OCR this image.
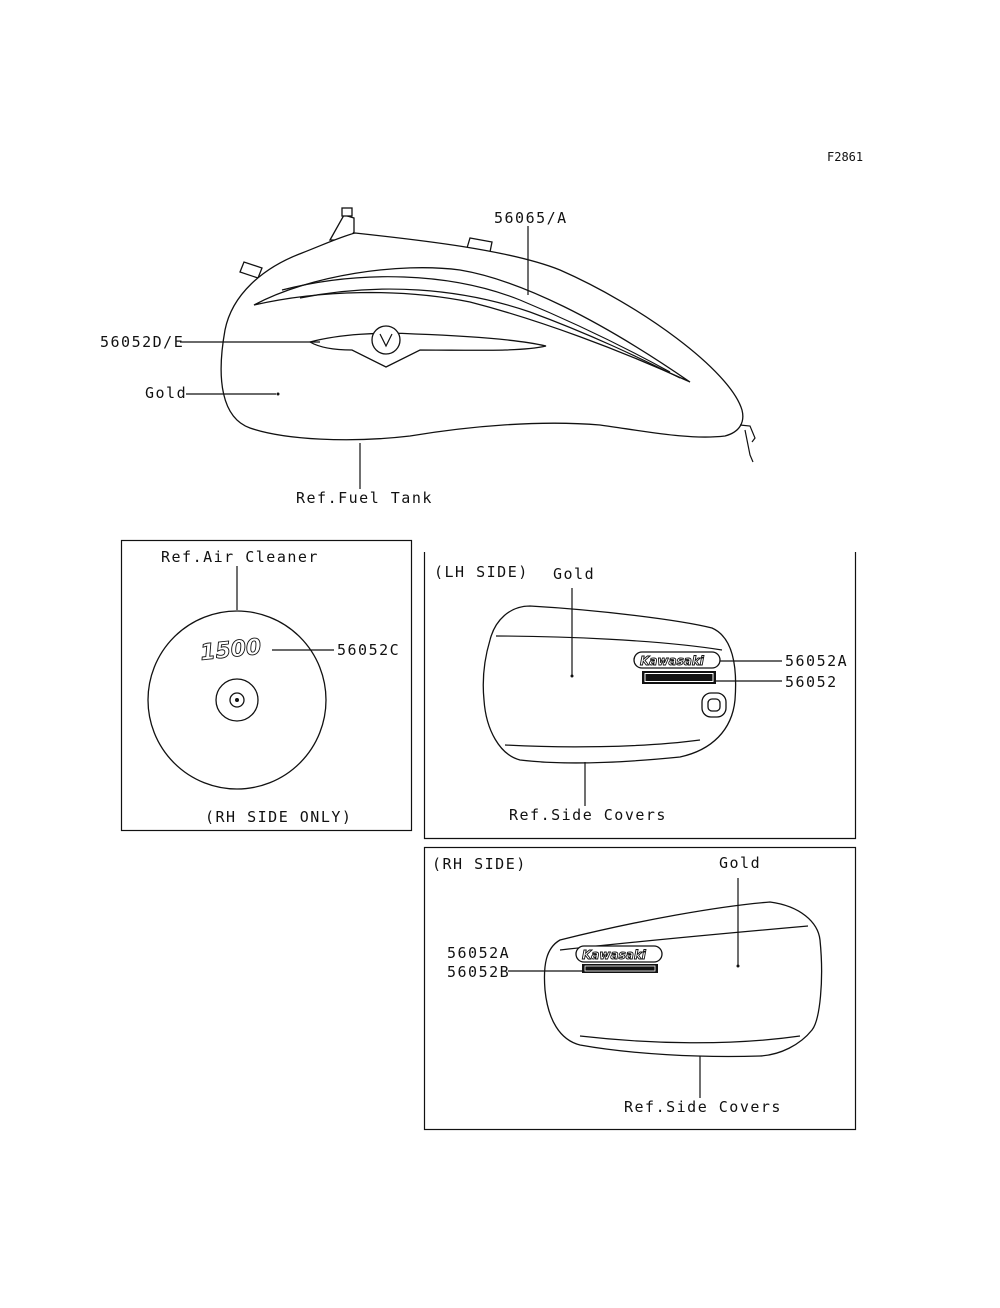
F2861
56065/A
56052D/E
Gold
Ref.Fuel Tank
1500
Ref.Air Cleaner
56052C
(RH SIDE ONLY)
Kawasaki
(LH SIDE) Gold
56052A
56052
Ref.Side Covers
Kawasaki
(RH SIDE)	Gold
56052A
56052B
Ref.Side Covers
